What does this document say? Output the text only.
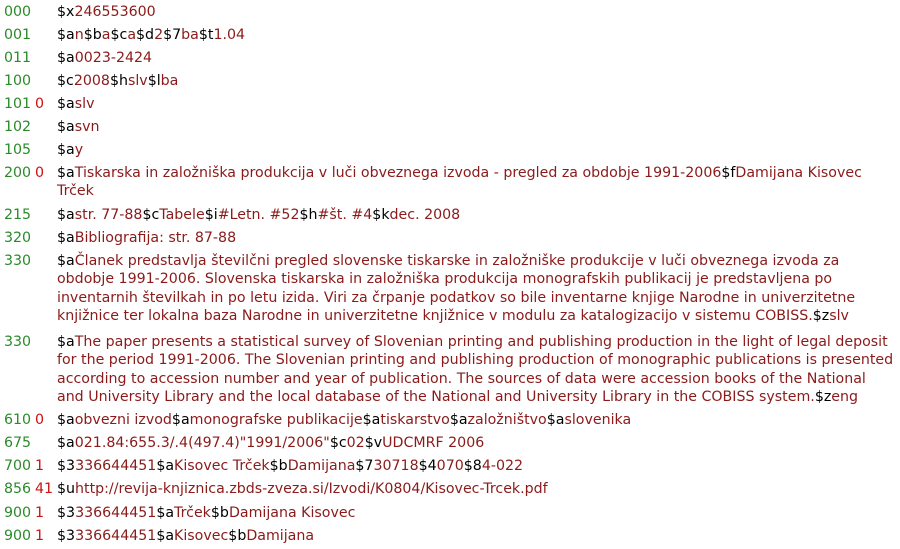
000 $x246553600
001 $an$ba$ca$d2$7ba$t1.04
011 $a0023-2424
100 $c2008$hslv$lba
101 0 $aslv
102 $asvn
105 $ay
200 0 $aTiskarska in založniška produkcija v luči obveznega izvoda - pregled za obdobje 1991-2006$fDamijana Kisovec Trček
215 $astr. 77-88$cTabele$i#Letn. #52$h#št. #4$kdec. 2008
320 $aBibliografija: str. 87-88
330 $aČlanek predstavlja številčni pregled slovenske tiskarske in založniške produkcije v luči obveznega izvoda za obdobje 1991-2006. Slovenska tiskarska in založniška produkcija monografskih publikacij je predstavljena po inventarnih številkah in po letu izida. Viri za črpanje podatkov so bile inventarne knjige Narodne in univerzitetne knjižnice ter lokalna baza Narodne in univerzitetne knjižnice v modulu za katalogizacijo v sistemu COBISS.$zslv
330 $aThe paper presents a statistical survey of Slovenian printing and publishing production in the light of legal deposit for the period 1991-2006. The Slovenian printing and publishing production of monographic publications is presented according to accession number and year of publication. The sources of data were accession books of the National and University Library and the local database of the National and University Library in the COBISS system.$zeng
610 0 $aobvezni izvod$amonografske publikacije$atiskarstvo$azaložništvo$aslovenika
675 $a021.84:655.3/.4(497.4)"1991/2006"$c02$vUDCMRF 2006
700 1 $3336644451$aKisovec Trček$bDamijana$730718$4070$84-022
856 41 $uhttp://revija-knjiznica.zbds-zveza.si/Izvodi/K0804/Kisovec-Trcek.pdf
900 1 $3336644451$aTrček$bDamijana Kisovec
900 1 $3336644451$aKisovec$bDamijana
